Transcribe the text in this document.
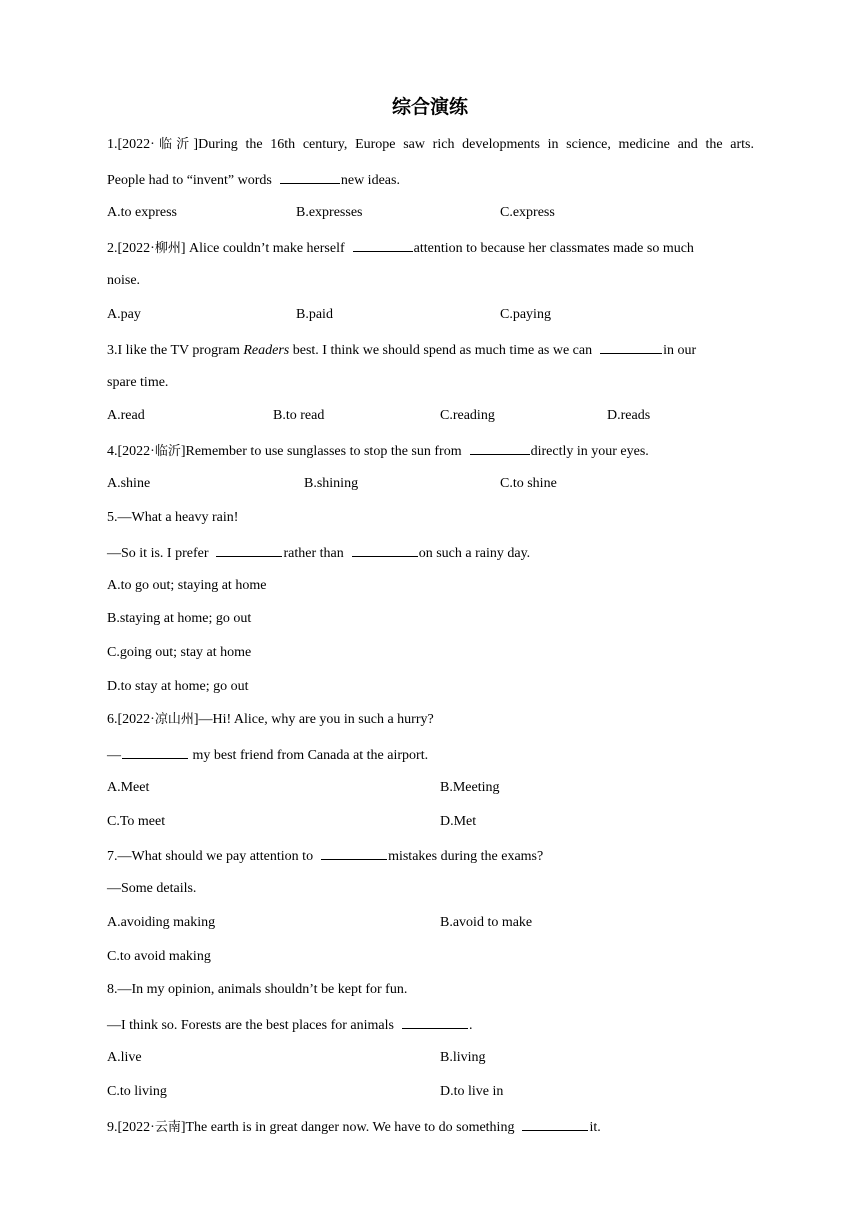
综合演练
1.[2022·临沂]During the 16th century, Europe saw rich developments in science, medicine and the arts.
People had to “invent” words	new ideas.
A.to express	B.expresses	C.express
2.[2022·柳州] Alice couldn’t make herself	attention to because her classmates made so much
noise.
A.pay	B.paid	C.paying
3.I like the TV program Readers best. I think we should spend as much time as we can	in our
spare time.
A.read	B.to read	C.reading	D.reads
4.[2022·临沂]Remember to use sunglasses to stop the sun from	directly in your eyes.
A.shine	B.shining	C.to shine
5.—What a heavy rain!
—So it is. I prefer	rather than	on such a rainy day.
A.to go out; staying at home
B.staying at home; go out
C.going out; stay at home
D.to stay at home; go out
6.[2022·凉山州]—Hi! Alice, why are you in such a hurry?
—	my best friend from Canada at the airport.
A.Meet	B.Meeting
C.To meet	D.Met
7.—What should we pay attention to	mistakes during the exams?
—Some details.
A.avoiding making	B.avoid to make
C.to avoid making
8.—In my opinion, animals shouldn’t be kept for fun.
—I think so. Forests are the best places for animals	.
A.live	B.living
C.to living	D.to live in
9.[2022·云南]The earth is in great danger now. We have to do something	it.
